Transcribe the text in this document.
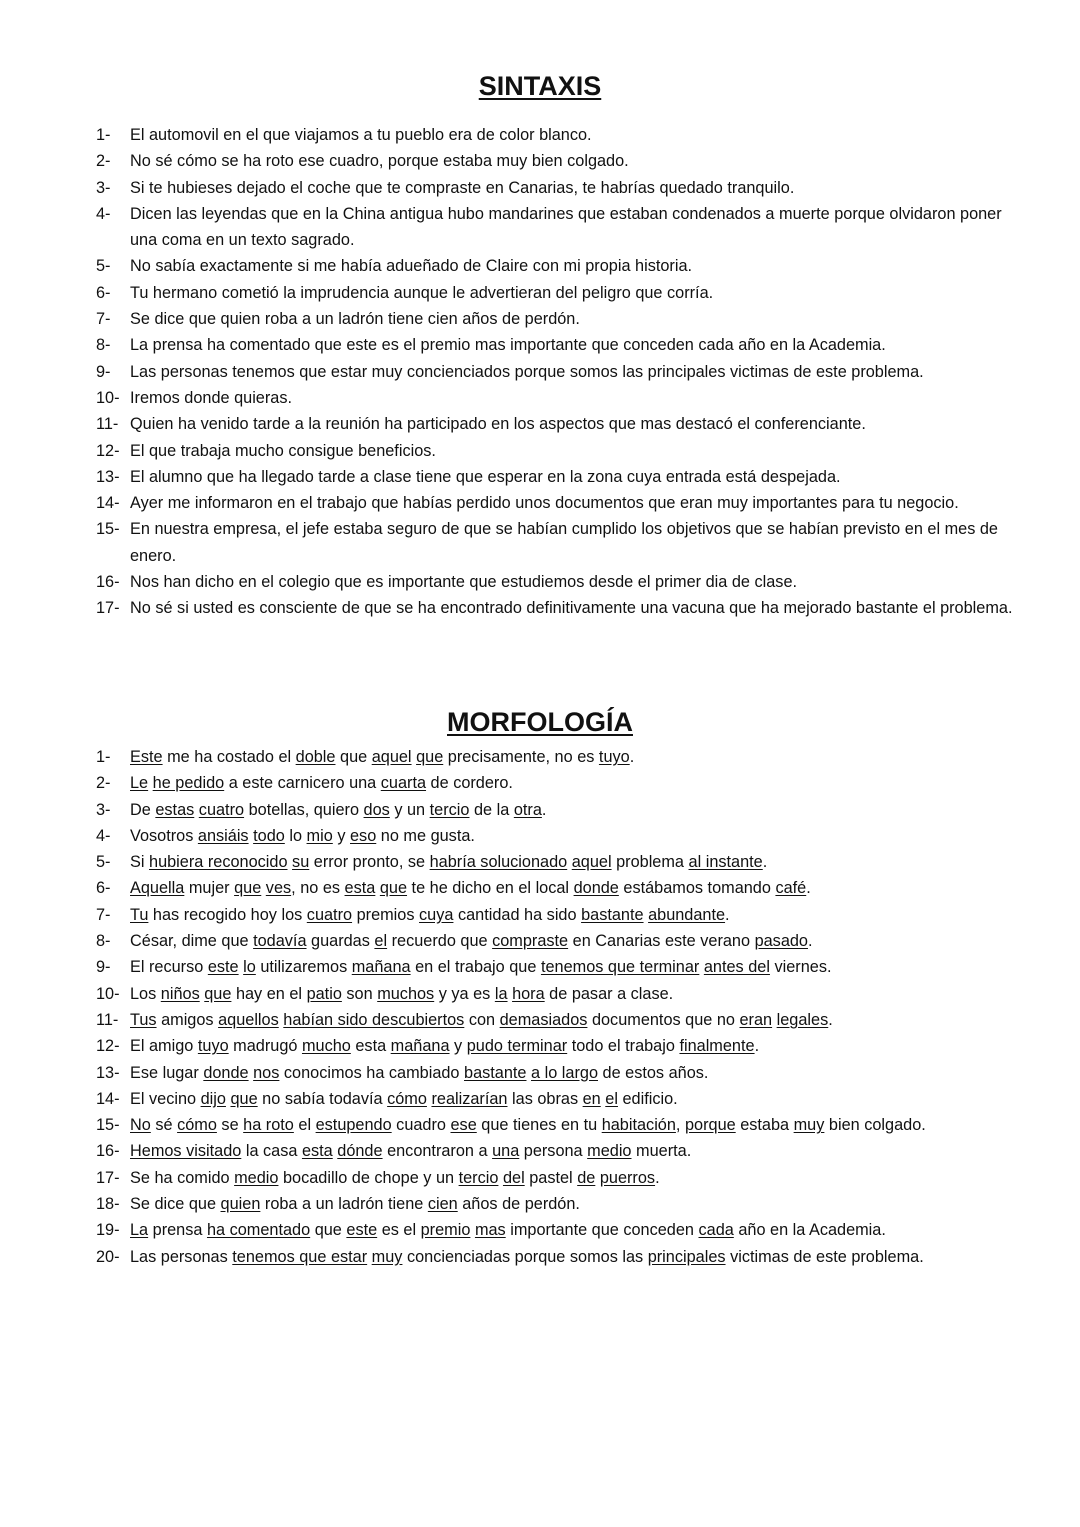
SINTAXIS
1-	El automovil en el que viajamos a tu pueblo era de color blanco.
2-	No sé cómo se ha roto ese cuadro, porque estaba muy bien colgado.
3-	Si te hubieses dejado el coche que te compraste en Canarias, te habrías quedado tranquilo.
4-	Dicen las leyendas que en la China antigua hubo mandarines que estaban condenados a muerte porque olvidaron poner una coma en un texto sagrado.
5-	No sabía exactamente si me había adueñado de Claire con mi propia historia.
6-	Tu hermano cometió la imprudencia aunque le advertieran del peligro que corría.
7-	Se dice que quien roba a un ladrón tiene cien años de perdón.
8-	La prensa ha comentado que este es el premio mas importante que conceden cada año en la Academia.
9-	Las personas tenemos que estar muy concienciados porque somos las principales victimas de este problema.
10- Iremos donde quieras.
11- Quien ha venido tarde a la reunión ha participado en los aspectos que mas destacó el conferenciante.
12- El que trabaja mucho consigue beneficios.
13- El alumno que ha llegado tarde a clase tiene que esperar en la zona cuya entrada está despejada.
14- Ayer me informaron en el trabajo que habías perdido unos documentos que eran muy importantes para tu negocio.
15- En nuestra empresa, el jefe estaba seguro de que se habían cumplido los objetivos que se habían previsto en el mes de enero.
16- Nos han dicho en el colegio que es importante que estudiemos desde el primer dia de clase.
17- No sé si usted es consciente de que se ha encontrado definitivamente una vacuna que ha mejorado bastante el problema.
MORFOLOGÍA
1-	Este me ha costado el doble que aquel que precisamente, no es tuyo.
2-	Le he pedido a este carnicero una cuarta de cordero.
3-	De estas cuatro botellas, quiero dos y un tercio de la otra.
4-	Vosotros ansiáis todo lo mio y eso no me gusta.
5-	Si hubiera reconocido su error pronto, se habría solucionado aquel problema al instante.
6-	Aquella mujer que ves, no es esta que te he dicho en el local donde estábamos tomando café.
7-	Tu has recogido hoy los cuatro premios cuya cantidad ha sido bastante abundante.
8-	César, dime que todavía guardas el recuerdo que compraste en Canarias este verano pasado.
9-	El recurso este lo utilizaremos mañana en el trabajo que tenemos que terminar antes del viernes.
10- Los niños que hay en el patio son muchos y ya es la hora de pasar a clase.
11- Tus amigos aquellos habían sido descubiertos con demasiados documentos que no eran legales.
12- El amigo tuyo madrugó mucho esta mañana y pudo terminar todo el trabajo finalmente.
13- Ese lugar donde nos conocimos ha cambiado bastante a lo largo de estos años.
14- El vecino dijo que no sabía todavía cómo realizarían las obras en el edificio.
15- No sé cómo se ha roto el estupendo cuadro ese que tienes en tu habitación, porque estaba muy bien colgado.
16- Hemos visitado la casa esta dónde encontraron a una persona medio muerta.
17- Se ha comido medio bocadillo de chope y un tercio del pastel de puerros.
18- Se dice que quien roba a un ladrón tiene cien años de perdón.
19- La prensa ha comentado que este es el premio mas importante que conceden cada año en la Academia.
20- Las personas tenemos que estar muy concienciadas porque somos las principales victimas de este problema.
